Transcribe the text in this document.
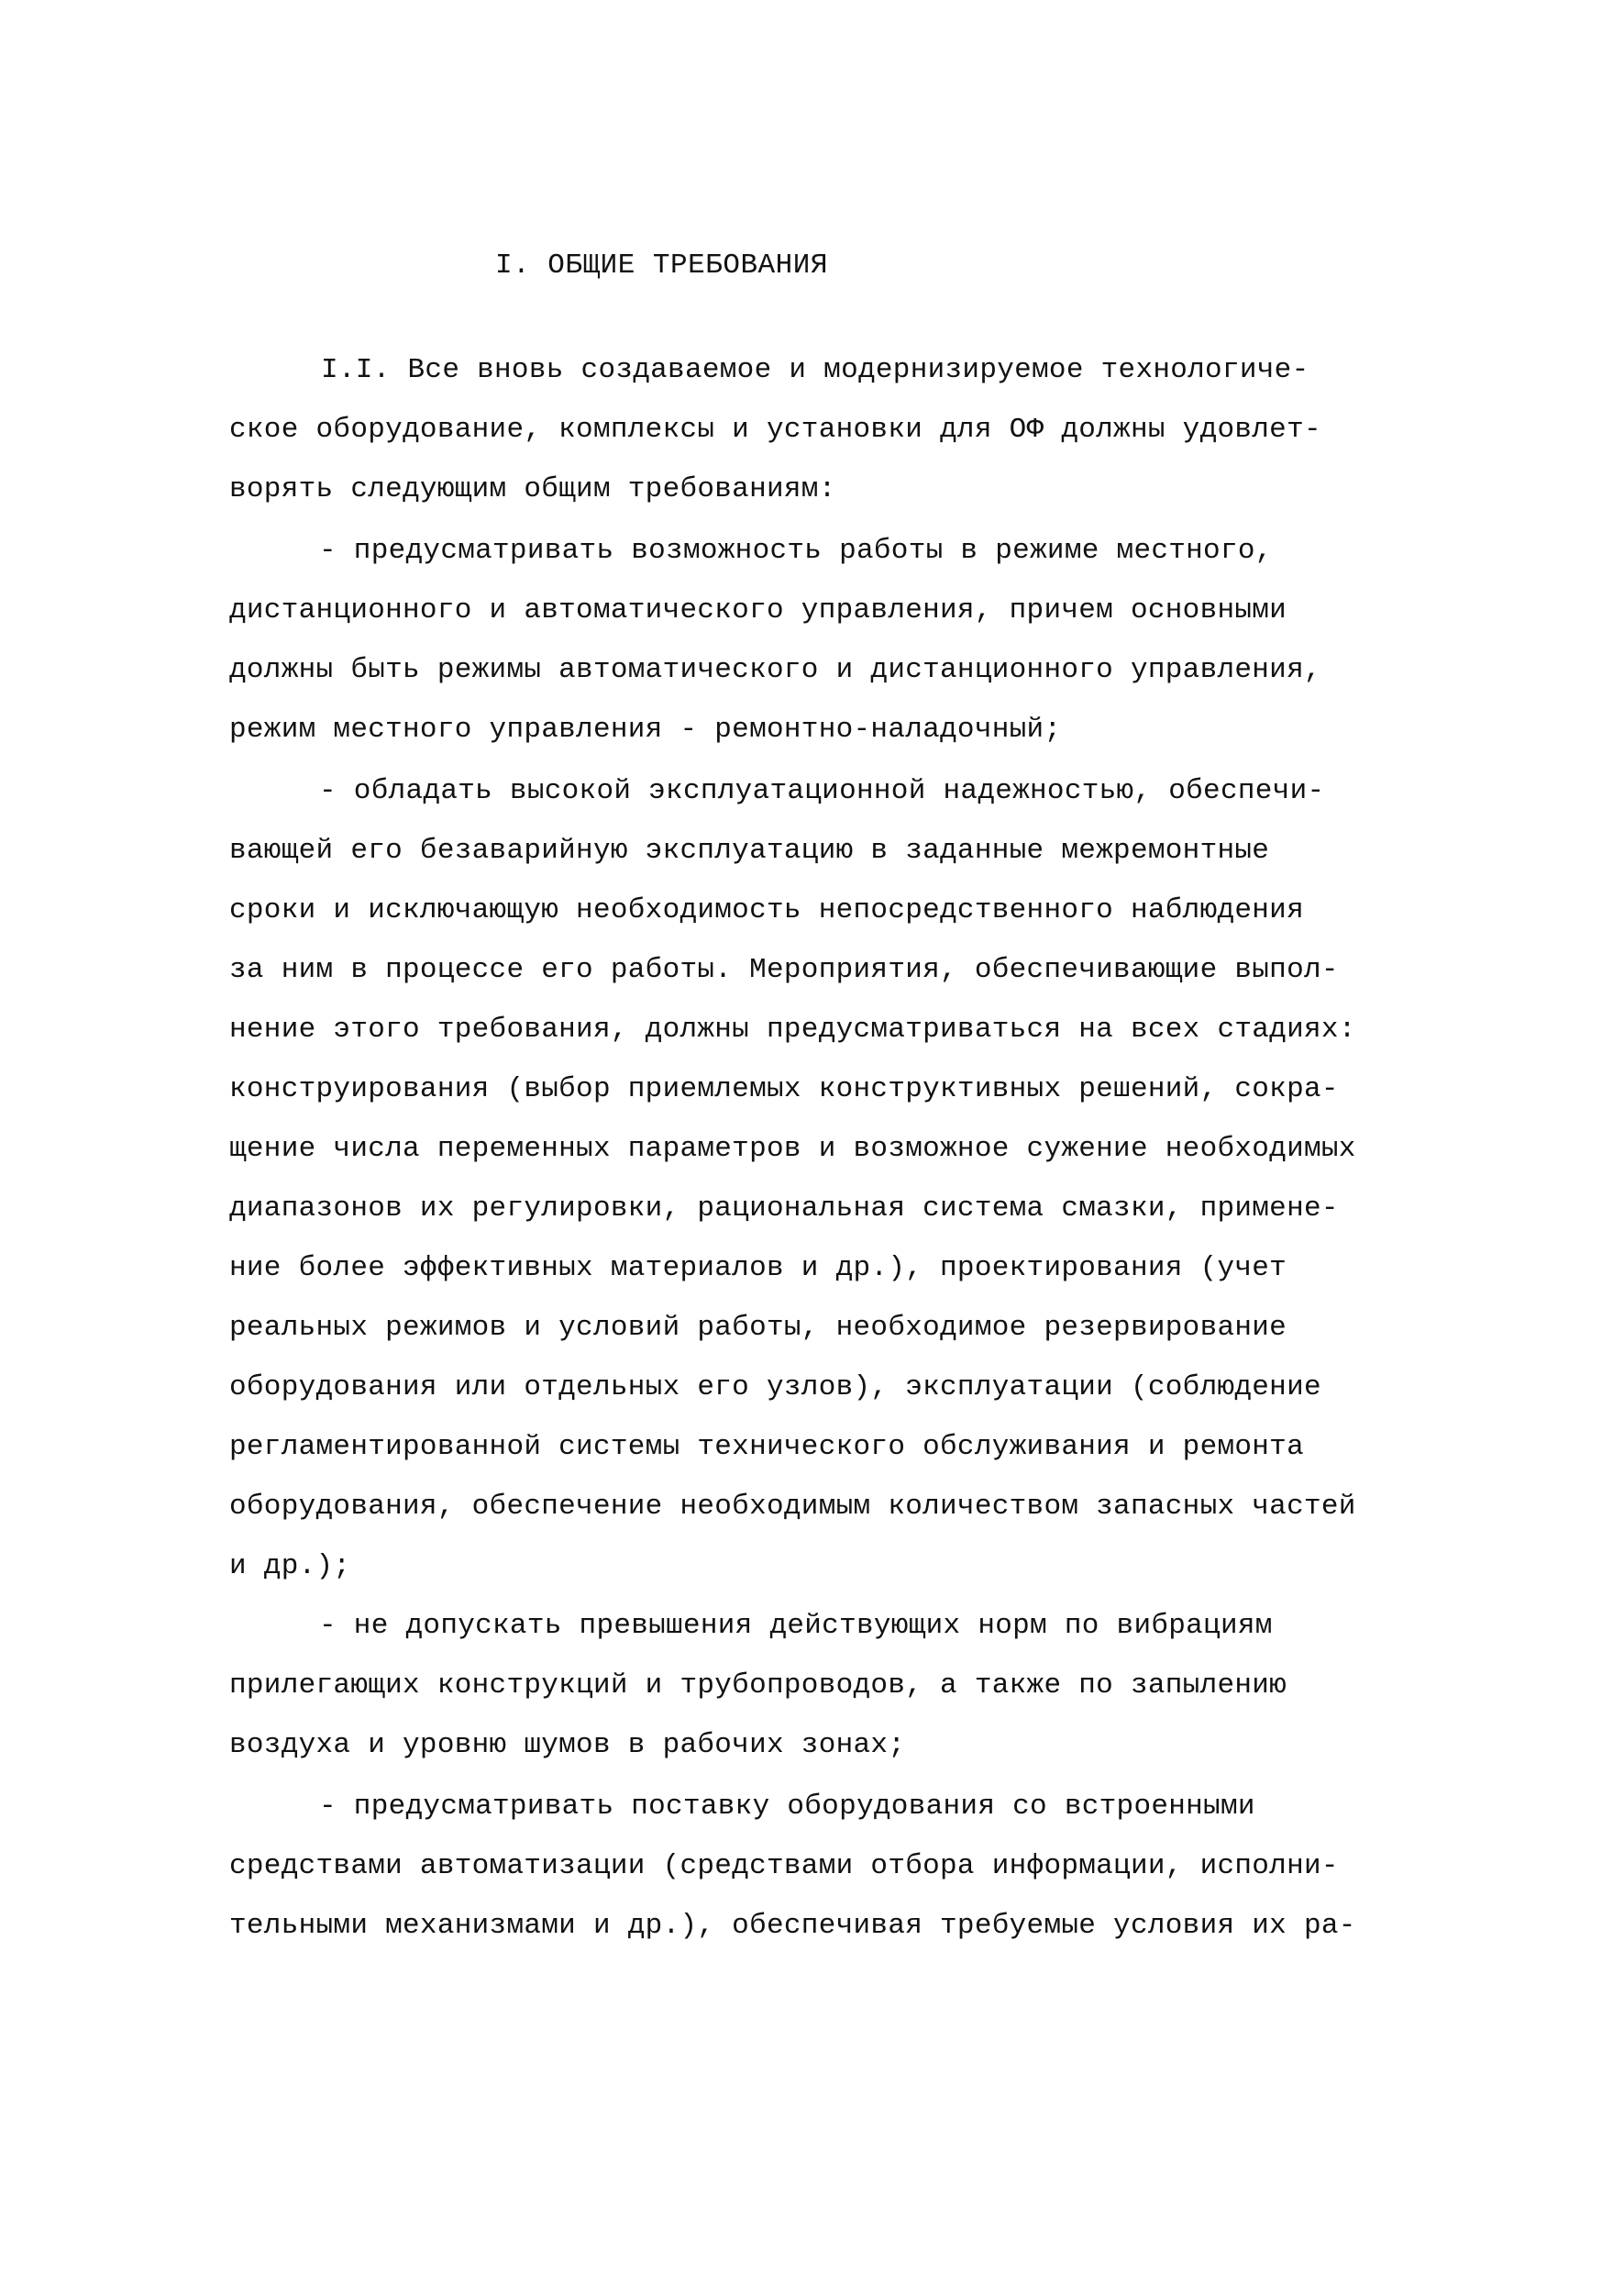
I. ОБЩИЕ ТРЕБОВАНИЯ
I.I. Все вновь создаваемое и модернизируемое технологиче-
ское оборудование, комплексы и установки для ОФ должны удовлет-
ворять следующим общим требованиям:
- предусматривать возможность работы в режиме местного,
дистанционного и автоматического управления, причем основными
должны быть режимы автоматического и дистанционного управления,
режим местного управления - ремонтно-наладочный;
- обладать высокой эксплуатационной надежностью, обеспечи-
вающей его безаварийную эксплуатацию в заданные межремонтные
сроки и исключающую необходимость непосредственного наблюдения
за ним в процессе его работы. Мероприятия, обеспечивающие выпол-
нение этого требования, должны предусматриваться на всех стадиях:
конструирования (выбор приемлемых конструктивных решений, сокра-
щение числа переменных параметров и возможное сужение необходимых
диапазонов их регулировки, рациональная система смазки, примене-
ние более эффективных материалов и др.), проектирования (учет
реальных режимов и условий работы, необходимое резервирование
оборудования или отдельных его узлов), эксплуатации (соблюдение
регламентированной системы технического обслуживания и ремонта
оборудования, обеспечение необходимым количеством запасных частей
и др.);
- не допускать превышения действующих норм по вибрациям
прилегающих конструкций и трубопроводов, а также по запылению
воздуха и уровню шумов в рабочих зонах;
- предусматривать поставку оборудования со встроенными
средствами автоматизации (средствами отбора информации, исполни-
тельными механизмами и др.), обеспечивая требуемые условия их ра-
